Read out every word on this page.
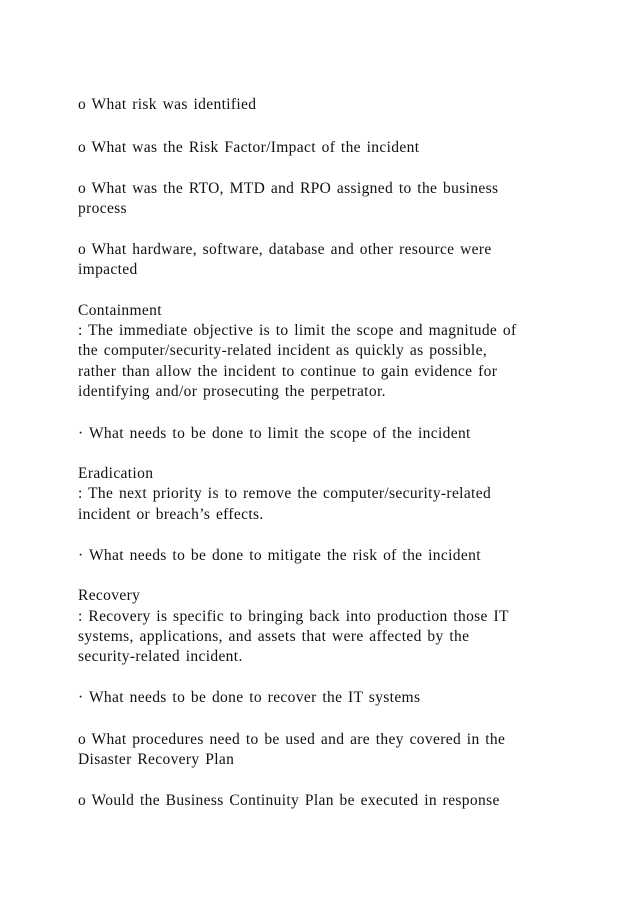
o What risk was identified

o What was the Risk Factor/Impact of the incident

o What was the RTO, MTD and RPO assigned to the business

process

o What hardware, software, database and other resource were

impacted

Containment

: The immediate objective is to limit the scope and magnitude of

the computer/security-related incident as quickly as possible,

rather than allow the incident to continue to gain evidence for

identifying and/or prosecuting the perpetrator.

· What needs to be done to limit the scope of the incident

Eradication

: The next priority is to remove the computer/security-related

incident or breach’s effects.

· What needs to be done to mitigate the risk of the incident

Recovery

: Recovery is specific to bringing back into production those IT

systems, applications, and assets that were affected by the

security-related incident.

· What needs to be done to recover the IT systems

o What procedures need to be used and are they covered in the

Disaster Recovery Plan

o Would the Business Continuity Plan be executed in response
